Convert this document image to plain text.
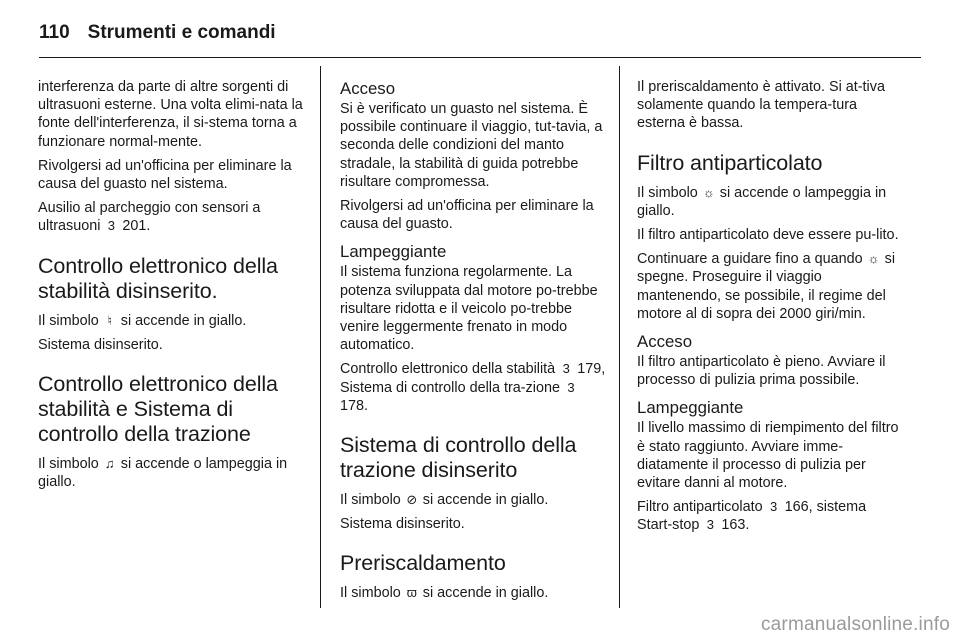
110 Strumenti e comandi

interferenza da parte di altre sorgenti di ultrasuoni esterne. Una volta elimi-nata la fonte dell'interferenza, il si-stema torna a funzionare normal-mente.

Rivolgersi ad un'officina per eliminare la causa del guasto nel sistema.

Ausilio al parcheggio con sensori a ultrasuoni 3 201.

Controllo elettronico della stabilità disinserito.

Il simbolo ♮ si accende in giallo.

Sistema disinserito.

Controllo elettronico della stabilità e Sistema di controllo della trazione

Il simbolo ♫ si accende o lampeggia in giallo.

Acceso

Si è verificato un guasto nel sistema. È possibile continuare il viaggio, tut-tavia, a seconda delle condizioni del manto stradale, la stabilità di guida potrebbe risultare compromessa.

Rivolgersi ad un'officina per eliminare la causa del guasto.

Lampeggiante

Il sistema funziona regolarmente. La potenza sviluppata dal motore po-trebbe risultare ridotta e il veicolo po-trebbe venire leggermente frenato in modo automatico.

Controllo elettronico della stabilità 3 179, Sistema di controllo della tra-zione 3 178.

Sistema di controllo della trazione disinserito

Il simbolo ⊘ si accende in giallo.

Sistema disinserito.

Preriscaldamento

Il simbolo ϖ si accende in giallo.

Il preriscaldamento è attivato. Si at-tiva solamente quando la tempera-tura esterna è bassa.

Filtro antiparticolato

Il simbolo ☼ si accende o lampeggia in giallo.

Il filtro antiparticolato deve essere pu-lito.

Continuare a guidare fino a quando ☼ si spegne. Proseguire il viaggio mantenendo, se possibile, il regime del motore al di sopra dei 2000 giri/min.

Acceso

Il filtro antiparticolato è pieno. Avviare il processo di pulizia prima possibile.

Lampeggiante

Il livello massimo di riempimento del filtro è stato raggiunto. Avviare imme-diatamente il processo di pulizia per evitare danni al motore.

Filtro antiparticolato 3 166, sistema Start-stop 3 163.

carmanualsonline.info
